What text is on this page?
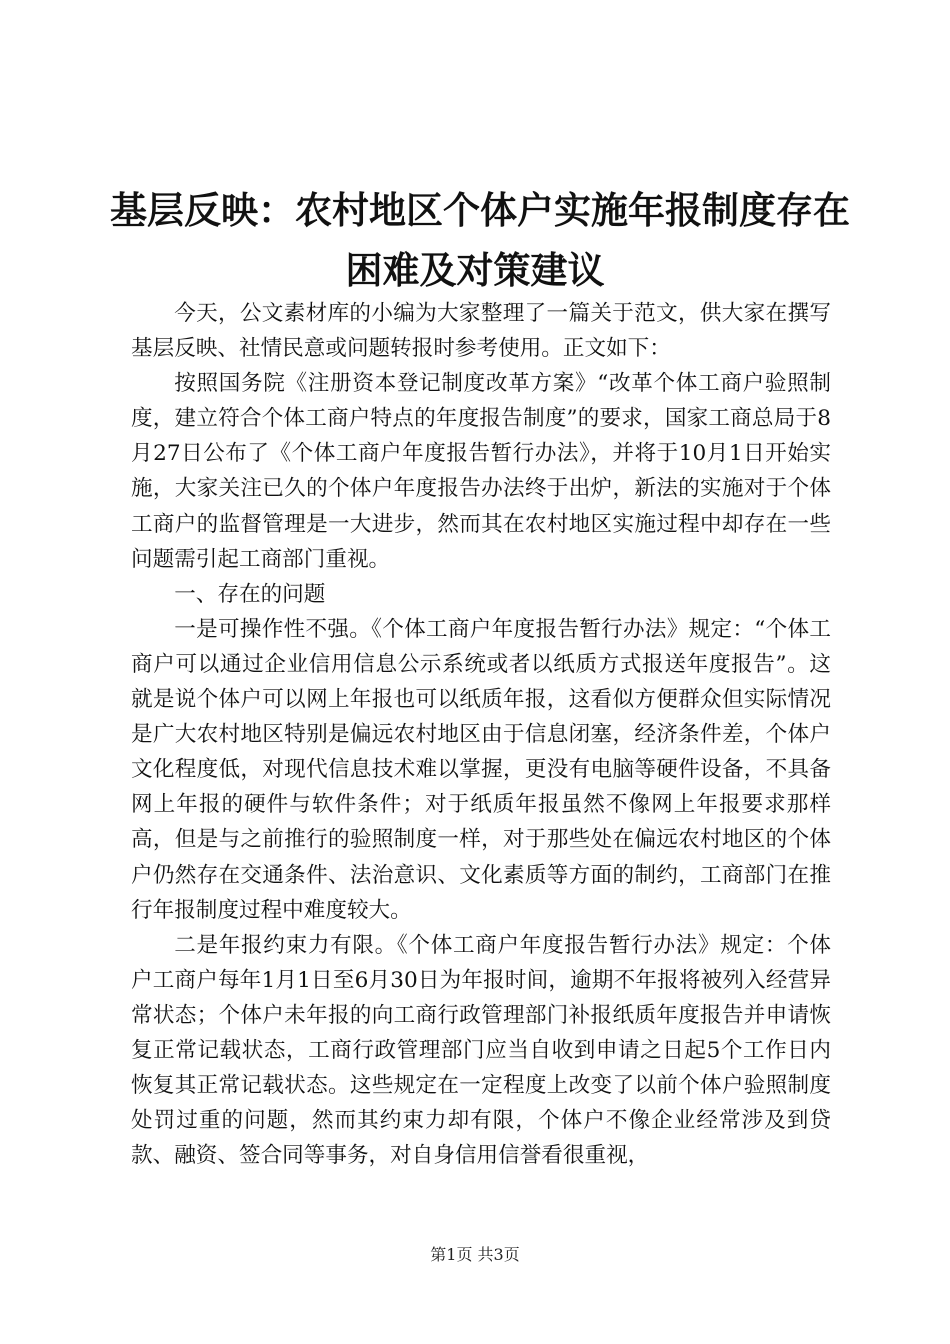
基层反映：农村地区个体户实施年报制度存在
困难及对策建议

今天，公文素材库的小编为大家整理了一篇关于范文，供大家在撰写基层反映、社情民意或问题转报时参考使用。正文如下：

按照国务院《注册资本登记制度改革方案》“改革个体工商户验照制度，建立符合个体工商户特点的年度报告制度”的要求，国家工商总局于8月27日公布了《个体工商户年度报告暂行办法》，并将于10月1日开始实施，大家关注已久的个体户年度报告办法终于出炉，新法的实施对于个体工商户的监督管理是一大进步，然而其在农村地区实施过程中却存在一些问题需引起工商部门重视。

一、存在的问题

一是可操作性不强。《个体工商户年度报告暂行办法》规定：“个体工商户可以通过企业信用信息公示系统或者以纸质方式报送年度报告”。这就是说个体户可以网上年报也可以纸质年报，这看似方便群众但实际情况是广大农村地区特别是偏远农村地区由于信息闭塞，经济条件差，个体户文化程度低，对现代信息技术难以掌握，更没有电脑等硬件设备，不具备网上年报的硬件与软件条件；对于纸质年报虽然不像网上年报要求那样高，但是与之前推行的验照制度一样，对于那些处在偏远农村地区的个体户仍然存在交通条件、法治意识、文化素质等方面的制约，工商部门在推行年报制度过程中难度较大。

二是年报约束力有限。《个体工商户年度报告暂行办法》规定：个体户工商户每年1月1日至6月30日为年报时间，逾期不年报将被列入经营异常状态；个体户未年报的向工商行政管理部门补报纸质年度报告并申请恢复正常记载状态，工商行政管理部门应当自收到申请之日起5个工作日内恢复其正常记载状态。这些规定在一定程度上改变了以前个体户验照制度处罚过重的问题，然而其约束力却有限，个体户不像企业经常涉及到贷款、融资、签合同等事务，对自身信用信誉看很重视，

第1页 共3页
